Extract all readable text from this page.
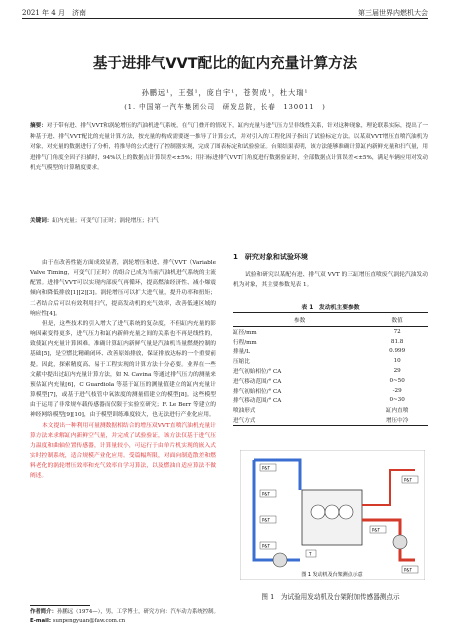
2021 年 4 月　济南	第三届世界内燃机大会
基于进排气VVT配比的缸内充量计算方法
孙鹏远¹，王强¹，庞自宇¹，苍贺成¹，杜大瑞¹
(1. 中国第一汽车集团公司　研发总院，长春　130011　)
摘要：对于带有进、排气VVT和涡轮增压的汽油机进气系统，在气门叠开的情况下，缸内充量与进气压力呈非线性关系，针对这种现象，理论联系实际，提出了一种基于进、排气VVT配比的充量计算方法，按充量的构成需要逐一推导了计算公式，并对引入的工程化因子指出了试验标定方法。以某双VVT增压直喷汽油机为对象，对充量的数据进行了分析，将推导的公式进行了控制器实现，完成了图表标定和试验验证。台架结果表明，该方法能够准确计算缸内新鲜充量和扫气量，用进排气门角度全因子扫描时，94%以上的数据点计算误差<±5%；用扫标进排气VVT门角度进行数据验证时，全部数据点计算误差<±5%，满足车辆应用对发动机充气模型的计算精度要求。
关键词：缸内充量；可变气门正时；涡轮增压；扫气

由于在改善性能方面成效显著，涡轮增压和进、排气VVT（Variable Valve Timing，可变气门正时）的组合已成为当前汽油机进气系统的主流配置。进排气VVT可以实现内部废气再循环，提高燃油经济性、减小爆震倾向和降低排放[1][2][3]。涡轮增压可以扩大进气量，提升功率和扭矩；二者结合后可以有效利用扫气，提高发动机的充气效率，改善低速区域的响应性[4]。

但是，这些技术的引入增大了进气系统的复杂度，不但缸内充量的影响因素变得更多，进气压力和缸内新鲜充量之间的关系也不再是线性的，致使缸内充量计算困难。准确计算缸内新鲜气量是汽油机当量燃烧控制的基础[5]，是空燃比精确闭环、改善原始排放，保证排放达标的一个重要前提。因此，探索精度高、易于工程实现的计算方法十分必要。业界在一些文献中提出过缸内充量计算方法，如 N. Cavina 等通过排气压力的测量来预估缸内充量[6]，C Guardiola 等基于缸压的测量值建立的缸内充量计算模型[7]，或基于进气枝管中氧浓度的测量值建立的模型[8]。这些模型由于运用了非常规车载传感器而仅限于实验室研究；F. Le Berr 等建立的神经网络模型[9][10]，由于模型训练难度较大，也无法进行产业化应用。

本文提出一种利用可量测数据相结合的增压双VVT直喷汽油机充量计算方法来求解缸内新鲜空气量，并完成了试验验证，该方法仅基于进气压力温度和曲轴位置传感器，计算量较小，可运行于由单片机实现的嵌入式实时控制系统，适合规模产业化应用。受篇幅所限，对面向制造散差和燃料老化的涡轮增压效率和充气效率自学习算法，以及燃油自适应算法不做阐述。

1　研究对象和试验环境

试验和研究以某配有进、排气双 VVT 的三缸增压直喷废气涡轮汽油发动机为对象，其主要参数见表 1。

表 1　发动机主要参数
参数	数值
缸径/mm	72
行程/mm	81.8
排量/L	0.999
压缩比	10
进气初始相位/° CA	29
进气移动范围/° CA	0~50
排气初始相位/° CA	-29
排气移动范围/° CA	0~30
喷油形式	缸内直喷
进气方式	增压中冷
P&T
P&T
P&T
P&T
P&T
P&T
P&T
T
图 1 发动机及台架测点示意
图 1　为试验用发动机及台架附加传感器测点示
作者简介：孙鹏远（1974—），男，工学博士，研究方向：汽车动力系统控制。
E-mail: sunpengyuan@faw.com.cn
